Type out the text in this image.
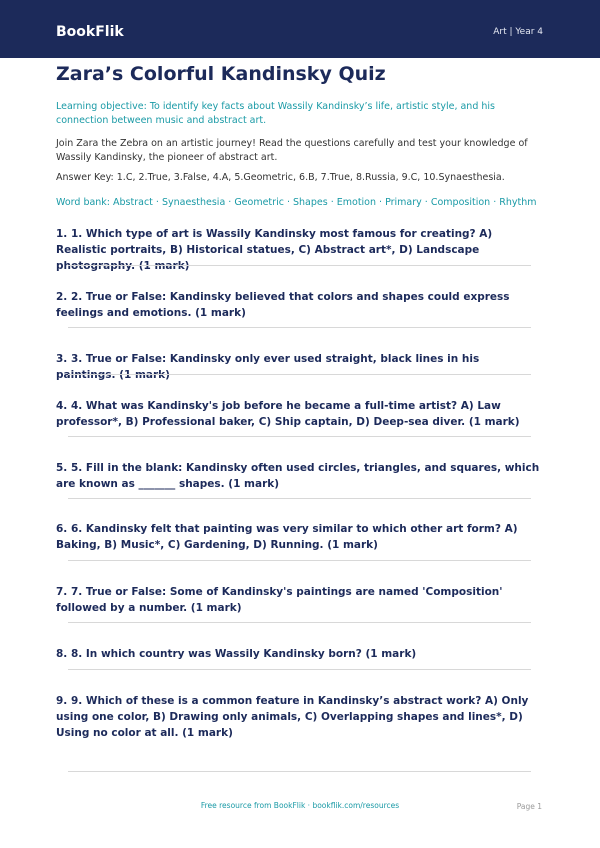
BookFlik	Art | Year 4
Zara’s Colorful Kandinsky Quiz
Learning objective: To identify key facts about Wassily Kandinsky’s life, artistic style, and his connection between music and abstract art.
Join Zara the Zebra on an artistic journey! Read the questions carefully and test your knowledge of Wassily Kandinsky, the pioneer of abstract art.
Answer Key: 1.C, 2.True, 3.False, 4.A, 5.Geometric, 6.B, 7.True, 8.Russia, 9.C, 10.Synaesthesia.
Word bank: Abstract · Synaesthesia · Geometric · Shapes · Emotion · Primary · Composition · Rhythm
1. 1. Which type of art is Wassily Kandinsky most famous for creating? A) Realistic portraits, B) Historical statues, C) Abstract art*, D) Landscape photography. (1 mark)
2. 2. True or False: Kandinsky believed that colors and shapes could express feelings and emotions. (1 mark)
3. 3. True or False: Kandinsky only ever used straight, black lines in his paintings. (1 mark)
4. 4. What was Kandinsky's job before he became a full-time artist? A) Law professor*, B) Professional baker, C) Ship captain, D) Deep-sea diver. (1 mark)
5. 5. Fill in the blank: Kandinsky often used circles, triangles, and squares, which are known as _______ shapes. (1 mark)
6. 6. Kandinsky felt that painting was very similar to which other art form? A) Baking, B) Music*, C) Gardening, D) Running. (1 mark)
7. 7. True or False: Some of Kandinsky's paintings are named 'Composition' followed by a number. (1 mark)
8. 8. In which country was Wassily Kandinsky born? (1 mark)
9. 9. Which of these is a common feature in Kandinsky’s abstract work? A) Only using one color, B) Drawing only animals, C) Overlapping shapes and lines*, D) Using no color at all. (1 mark)
Free resource from BookFlik · bookflik.com/resources	Page 1
